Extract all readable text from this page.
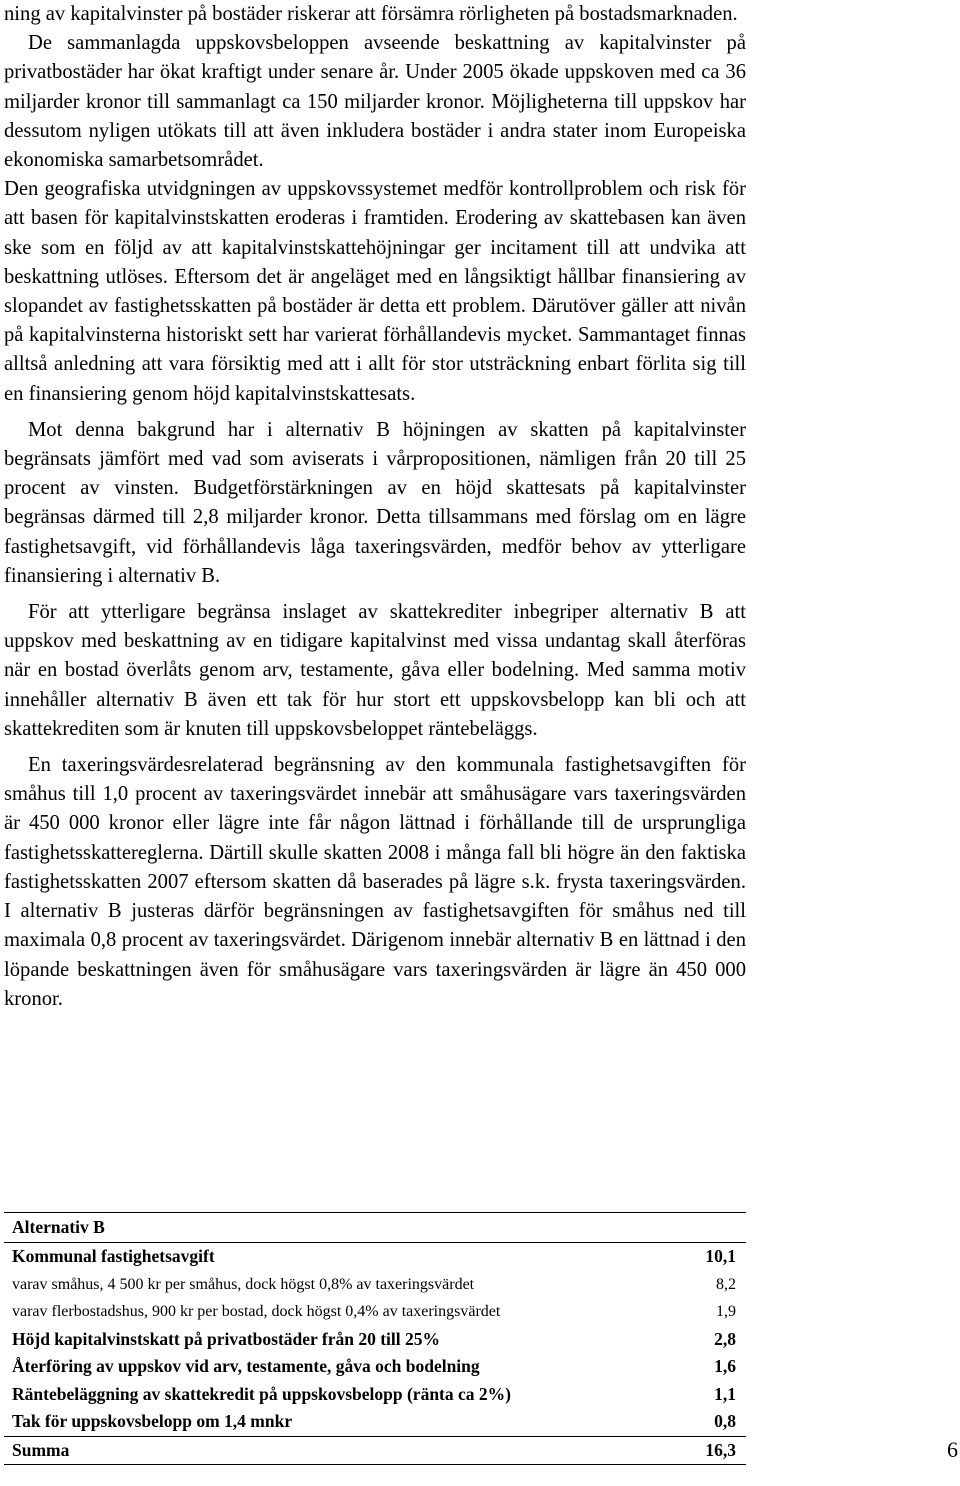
ning av kapitalvinster på bostäder riskerar att försämra rörligheten på bostadsmarknaden.

De sammanlagda uppskovsbeloppen avseende beskattning av kapitalvinster på privatbostäder har ökat kraftigt under senare år. Under 2005 ökade uppskoven med ca 36 miljarder kronor till sammanlagt ca 150 miljarder kronor. Möjligheterna till uppskov har dessutom nyligen utökats till att även inkludera bostäder i andra stater inom Europeiska ekonomiska samarbetsområdet.

Den geografiska utvidgningen av uppskovssystemet medför kontrollproblem och risk för att basen för kapitalvinstskatten eroderas i framtiden. Erodering av skattebasen kan även ske som en följd av att kapitalvinstskattehöjningar ger incitament till att undvika att beskattning utlöses. Eftersom det är angeläget med en långsiktigt hållbar finansiering av slopandet av fastighetsskatten på bostäder är detta ett problem. Därutöver gäller att nivån på kapitalvinsterna historiskt sett har varierat förhållandevis mycket. Sammantaget finnas alltså anledning att vara försiktig med att i allt för stor utsträckning enbart förlita sig till en finansiering genom höjd kapitalvinstskattesats.

Mot denna bakgrund har i alternativ B höjningen av skatten på kapitalvinster begränsats jämfört med vad som aviserats i vårpropositionen, nämligen från 20 till 25 procent av vinsten. Budgetförstärkningen av en höjd skattesats på kapitalvinster begränsas därmed till 2,8 miljarder kronor. Detta tillsammans med förslag om en lägre fastighetsavgift, vid förhållandevis låga taxeringsvärden, medför behov av ytterligare finansiering i alternativ B.

För att ytterligare begränsa inslaget av skattekrediter inbegriper alternativ B att uppskov med beskattning av en tidigare kapitalvinst med vissa undantag skall återföras när en bostad överlåts genom arv, testamente, gåva eller bodelning. Med samma motiv innehåller alternativ B även ett tak för hur stort ett uppskovsbelopp kan bli och att skattekrediten som är knuten till uppskovsbeloppet räntebeläggs.

En taxeringsvärdesrelaterad begränsning av den kommunala fastighetsavgiften för småhus till 1,0 procent av taxeringsvärdet innebär att småhusägare vars taxeringsvärden är 450 000 kronor eller lägre inte får någon lättnad i förhållande till de ursprungliga fastighetsskattereglerna. Därtill skulle skatten 2008 i många fall bli högre än den faktiska fastighetsskatten 2007 eftersom skatten då baserades på lägre s.k. frysta taxeringsvärden. I alternativ B justeras därför begränsningen av fastighetsavgiften för småhus ned till maximala 0,8 procent av taxeringsvärdet. Därigenom innebär alternativ B en lättnad i den löpande beskattningen även för småhusägare vars taxeringsvärden är lägre än 450 000 kronor.

Alternativ B
Kommunal fastighetsavgift	10,1
varav småhus, 4 500 kr per småhus, dock högst 0,8% av taxeringsvärdet	8,2
varav flerbostadshus, 900 kr per bostad, dock högst 0,4% av taxeringsvärdet	1,9
Höjd kapitalvinstskatt på privatbostäder från 20 till 25%	2,8
Återföring av uppskov vid arv, testamente, gåva och bodelning	1,6
Räntebeläggning av skattekredit på uppskovsbelopp (ränta ca 2%)	1,1
Tak för uppskovsbelopp om 1,4 mnkr	0,8
Summa	16,3	6
